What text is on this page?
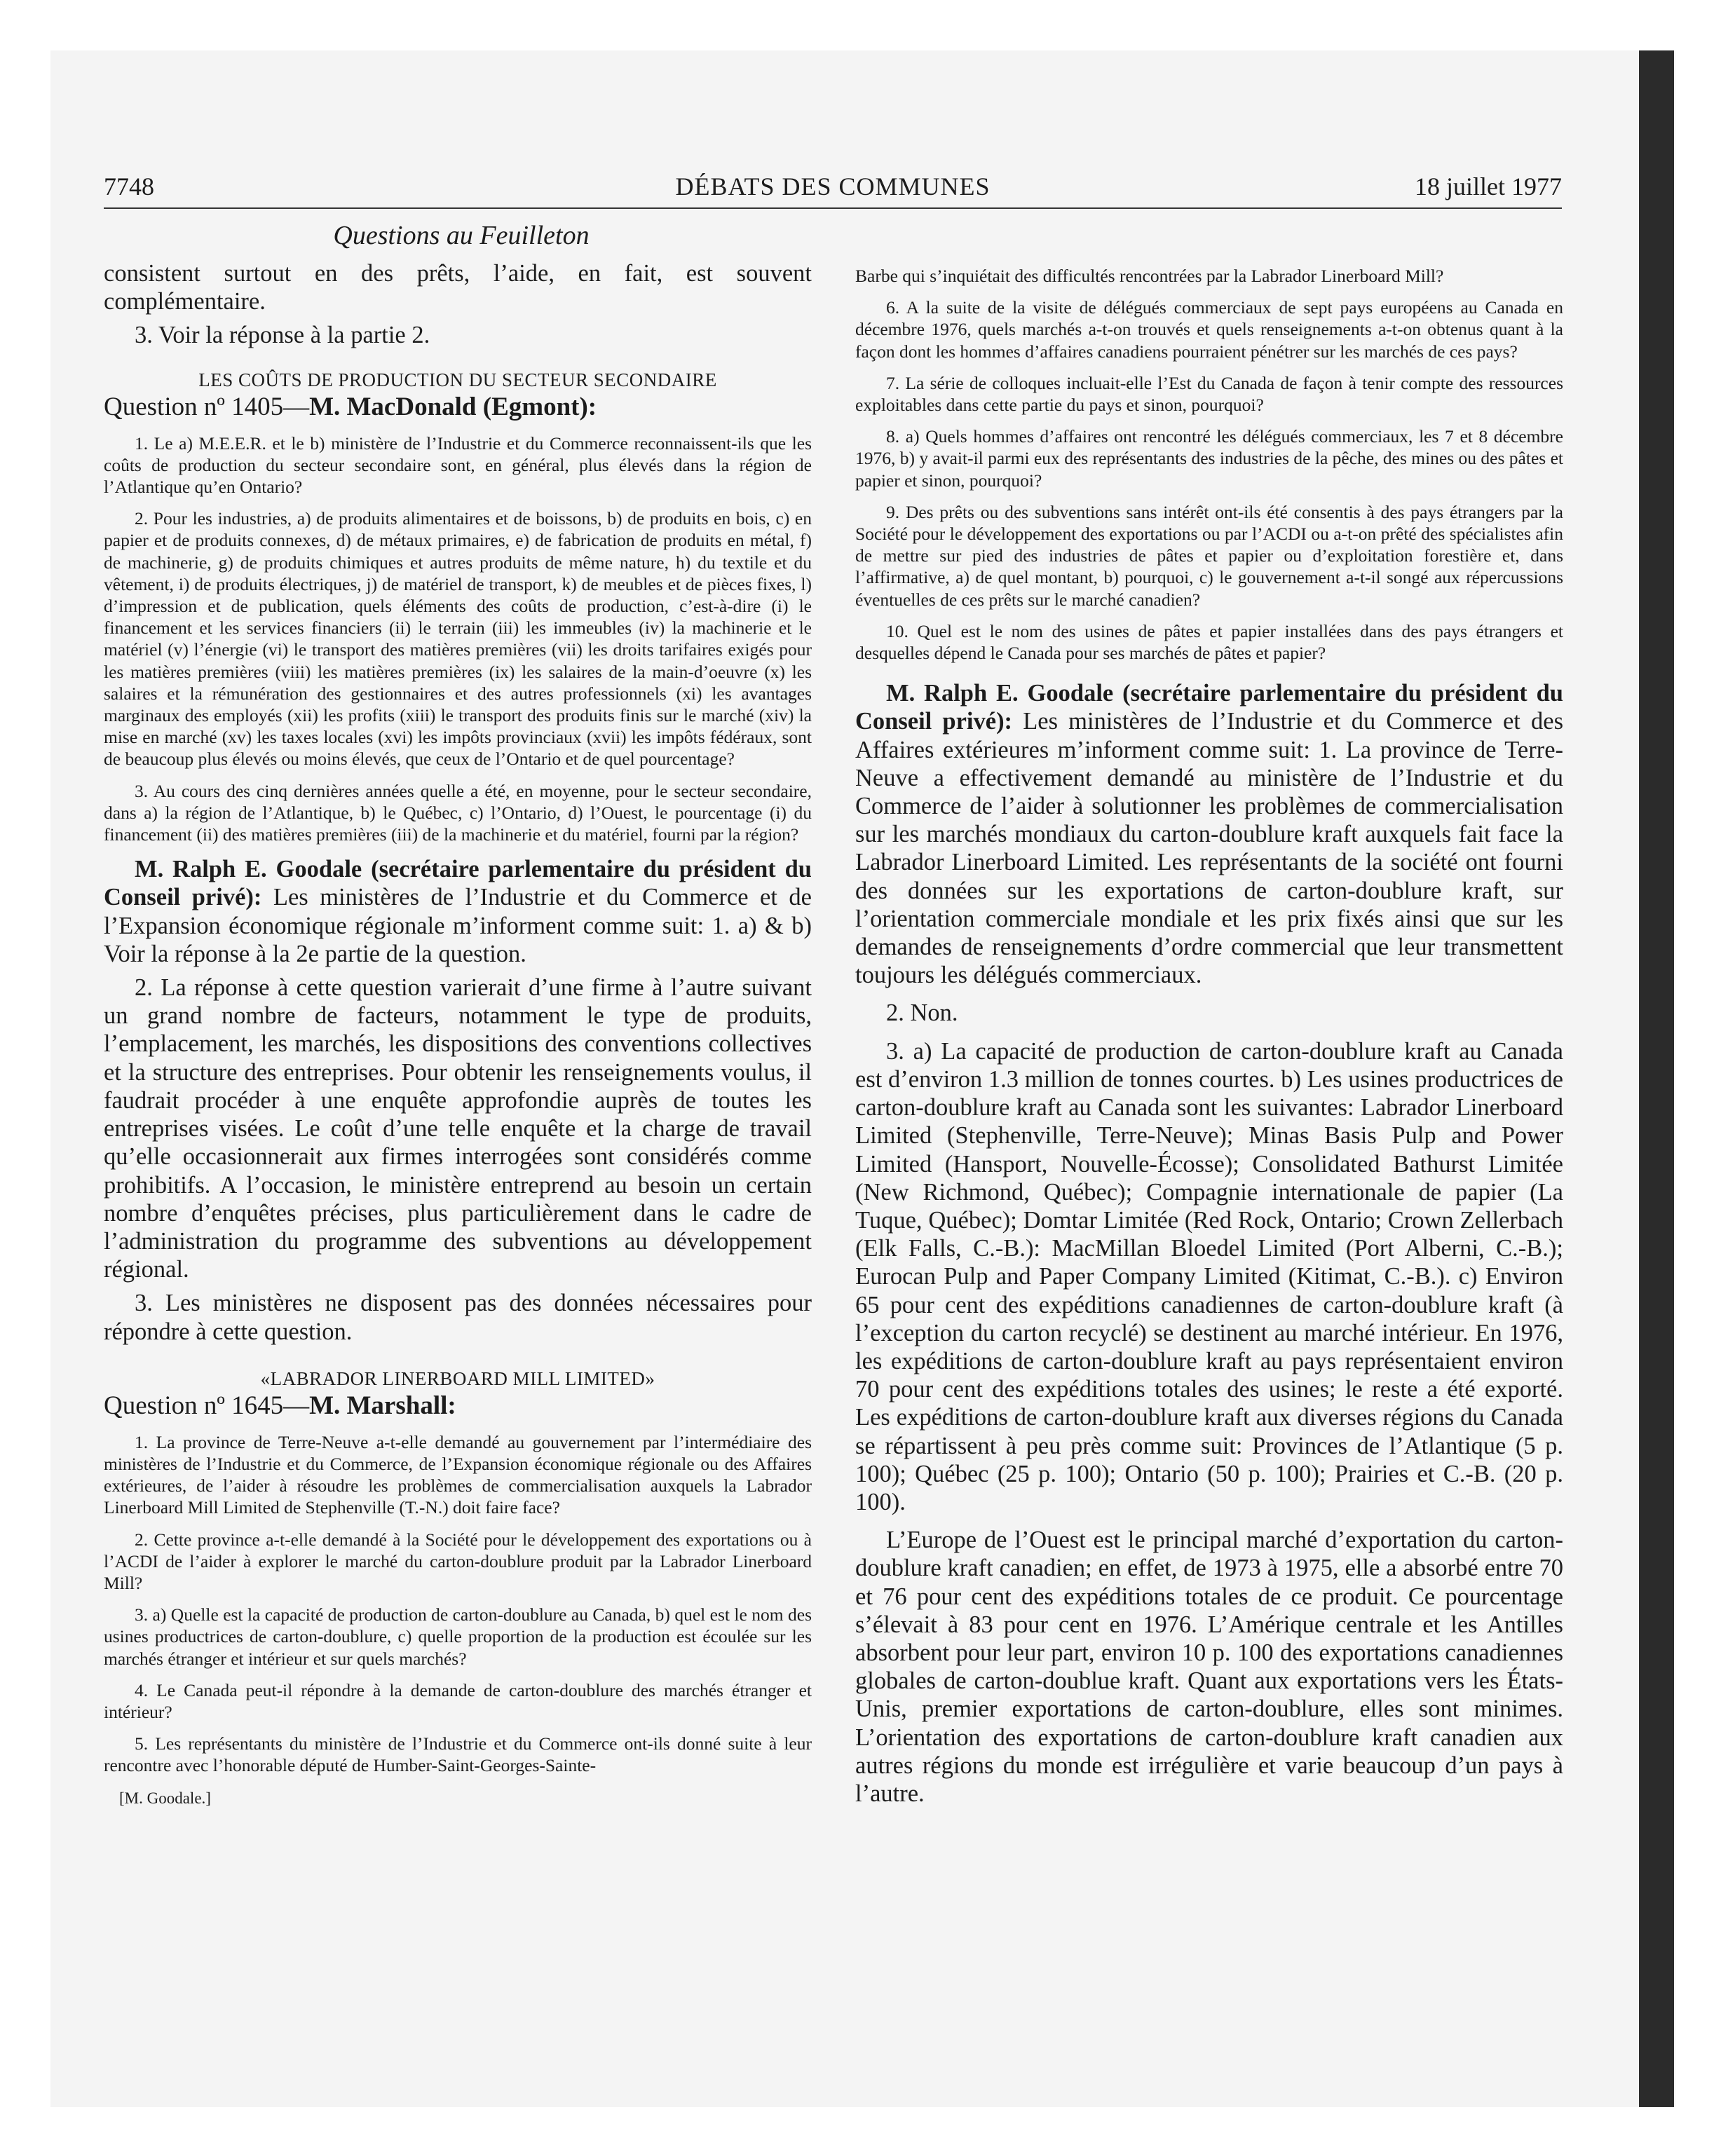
7748	DÉBATS DES COMMUNES	18 juillet 1977
Questions au Feuilleton

consistent surtout en des prêts, l’aide, en fait, est souvent complémentaire.

3. Voir la réponse à la partie 2.

LES COÛTS DE PRODUCTION DU SECTEUR SECONDAIRE

Question nº 1405—M. MacDonald (Egmont):

1. Le a) M.E.E.R. et le b) ministère de l’Industrie et du Commerce reconnaissent-ils que les coûts de production du secteur secondaire sont, en général, plus élevés dans la région de l’Atlantique qu’en Ontario?

2. Pour les industries, a) de produits alimentaires et de boissons, b) de produits en bois, c) en papier et de produits connexes, d) de métaux primaires, e) de fabrication de produits en métal, f) de machinerie, g) de produits chimiques et autres produits de même nature, h) du textile et du vêtement, i) de produits électriques, j) de matériel de transport, k) de meubles et de pièces fixes, l) d’impression et de publication, quels éléments des coûts de production, c’est-à-dire (i) le financement et les services financiers (ii) le terrain (iii) les immeubles (iv) la machinerie et le matériel (v) l’énergie (vi) le transport des matières premières (vii) les droits tarifaires exigés pour les matières premières (viii) les matières premières (ix) les salaires de la main-d’oeuvre (x) les salaires et la rémunération des gestionnaires et des autres professionnels (xi) les avantages marginaux des employés (xii) les profits (xiii) le transport des produits finis sur le marché (xiv) la mise en marché (xv) les taxes locales (xvi) les impôts provinciaux (xvii) les impôts fédéraux, sont de beaucoup plus élevés ou moins élevés, que ceux de l’Ontario et de quel pourcentage?

3. Au cours des cinq dernières années quelle a été, en moyenne, pour le secteur secondaire, dans a) la région de l’Atlantique, b) le Québec, c) l’Ontario, d) l’Ouest, le pourcentage (i) du financement (ii) des matières premières (iii) de la machinerie et du matériel, fourni par la région?

M. Ralph E. Goodale (secrétaire parlementaire du président du Conseil privé): Les ministères de l’Industrie et du Commerce et de l’Expansion économique régionale m’informent comme suit: 1. a) & b) Voir la réponse à la 2e partie de la question.

2. La réponse à cette question varierait d’une firme à l’autre suivant un grand nombre de facteurs, notamment le type de produits, l’emplacement, les marchés, les dispositions des conventions collectives et la structure des entreprises. Pour obtenir les renseignements voulus, il faudrait procéder à une enquête approfondie auprès de toutes les entreprises visées. Le coût d’une telle enquête et la charge de travail qu’elle occasionnerait aux firmes interrogées sont considérés comme prohibitifs. A l’occasion, le ministère entreprend au besoin un certain nombre d’enquêtes précises, plus particulièrement dans le cadre de l’administration du programme des subventions au développement régional.

3. Les ministères ne disposent pas des données nécessaires pour répondre à cette question.

«LABRADOR LINERBOARD MILL LIMITED»

Question nº 1645—M. Marshall:

1. La province de Terre-Neuve a-t-elle demandé au gouvernement par l’intermédiaire des ministères de l’Industrie et du Commerce, de l’Expansion économique régionale ou des Affaires extérieures, de l’aider à résoudre les problèmes de commercialisation auxquels la Labrador Linerboard Mill Limited de Stephenville (T.-N.) doit faire face?

2. Cette province a-t-elle demandé à la Société pour le développement des exportations ou à l’ACDI de l’aider à explorer le marché du carton-doublure produit par la Labrador Linerboard Mill?

3. a) Quelle est la capacité de production de carton-doublure au Canada, b) quel est le nom des usines productrices de carton-doublure, c) quelle proportion de la production est écoulée sur les marchés étranger et intérieur et sur quels marchés?

4. Le Canada peut-il répondre à la demande de carton-doublure des marchés étranger et intérieur?

5. Les représentants du ministère de l’Industrie et du Commerce ont-ils donné suite à leur rencontre avec l’honorable député de Humber-Saint-Georges-Sainte-

[M. Goodale.]

Barbe qui s’inquiétait des difficultés rencontrées par la Labrador Linerboard Mill?

6. A la suite de la visite de délégués commerciaux de sept pays européens au Canada en décembre 1976, quels marchés a-t-on trouvés et quels renseignements a-t-on obtenus quant à la façon dont les hommes d’affaires canadiens pourraient pénétrer sur les marchés de ces pays?

7. La série de colloques incluait-elle l’Est du Canada de façon à tenir compte des ressources exploitables dans cette partie du pays et sinon, pourquoi?

8. a) Quels hommes d’affaires ont rencontré les délégués commerciaux, les 7 et 8 décembre 1976, b) y avait-il parmi eux des représentants des industries de la pêche, des mines ou des pâtes et papier et sinon, pourquoi?

9. Des prêts ou des subventions sans intérêt ont-ils été consentis à des pays étrangers par la Société pour le développement des exportations ou par l’ACDI ou a-t-on prêté des spécialistes afin de mettre sur pied des industries de pâtes et papier ou d’exploitation forestière et, dans l’affirmative, a) de quel montant, b) pourquoi, c) le gouvernement a-t-il songé aux répercussions éventuelles de ces prêts sur le marché canadien?

10. Quel est le nom des usines de pâtes et papier installées dans des pays étrangers et desquelles dépend le Canada pour ses marchés de pâtes et papier?

M. Ralph E. Goodale (secrétaire parlementaire du président du Conseil privé): Les ministères de l’Industrie et du Commerce et des Affaires extérieures m’informent comme suit: 1. La province de Terre-Neuve a effectivement demandé au ministère de l’Industrie et du Commerce de l’aider à solutionner les problèmes de commercialisation sur les marchés mondiaux du carton-doublure kraft auxquels fait face la Labrador Linerboard Limited. Les représentants de la société ont fourni des données sur les exportations de carton-doublure kraft, sur l’orientation commerciale mondiale et les prix fixés ainsi que sur les demandes de renseignements d’ordre commercial que leur transmettent toujours les délégués commerciaux.

2. Non.

3. a) La capacité de production de carton-doublure kraft au Canada est d’environ 1.3 million de tonnes courtes. b) Les usines productrices de carton-doublure kraft au Canada sont les suivantes: Labrador Linerboard Limited (Stephenville, Terre-Neuve); Minas Basis Pulp and Power Limited (Hansport, Nouvelle-Écosse); Consolidated Bathurst Limitée (New Richmond, Québec); Compagnie internationale de papier (La Tuque, Québec); Domtar Limitée (Red Rock, Ontario; Crown Zellerbach (Elk Falls, C.-B.): MacMillan Bloedel Limited (Port Alberni, C.-B.); Eurocan Pulp and Paper Company Limited (Kitimat, C.-B.). c) Environ 65 pour cent des expéditions canadiennes de carton-doublure kraft (à l’exception du carton recyclé) se destinent au marché intérieur. En 1976, les expéditions de carton-doublure kraft au pays représentaient environ 70 pour cent des expéditions totales des usines; le reste a été exporté. Les expéditions de carton-doublure kraft aux diverses régions du Canada se répartissent à peu près comme suit: Provinces de l’Atlantique (5 p. 100); Québec (25 p. 100); Ontario (50 p. 100); Prairies et C.-B. (20 p. 100).

L’Europe de l’Ouest est le principal marché d’exportation du carton-doublure kraft canadien; en effet, de 1973 à 1975, elle a absorbé entre 70 et 76 pour cent des expéditions totales de ce produit. Ce pourcentage s’élevait à 83 pour cent en 1976. L’Amérique centrale et les Antilles absorbent pour leur part, environ 10 p. 100 des exportations canadiennes globales de carton-doublue kraft. Quant aux exportations vers les États-Unis, premier exportations de carton-doublure, elles sont minimes. L’orientation des exportations de carton-doublure kraft canadien aux autres régions du monde est irrégulière et varie beaucoup d’un pays à l’autre.
